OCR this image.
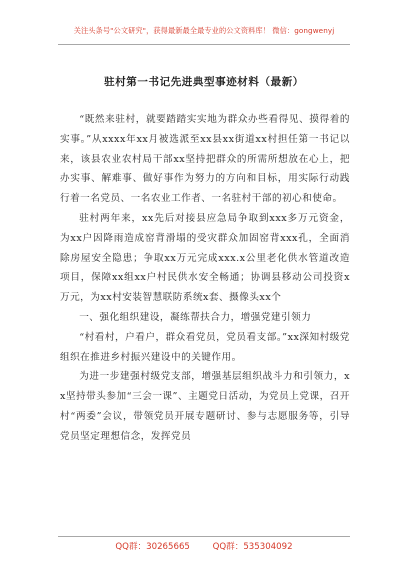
关注头条号"公文研究"，获得最新最全最专业的公文资料库！ 微信：gongwenyj
驻村第一书记先进典型事迹材料（最新）

“既然来驻村，就要踏踏实实地为群众办些看得见、摸得着的实事。”从xxxx年xx月被选派至xx县xx街道xx村担任第一书记以来，该县农业农村局干部xx坚持把群众的所需所想放在心上，把办实事、解难事、做好事作为努力的方向和目标，用实际行动践行着一名党员、一名农业工作者、一名驻村干部的初心和使命。

驻村两年来，xx先后对接县应急局争取到xxx多万元资金，为xx户因降雨造成窑背滑塌的受灾群众加固窑背xxx孔，全面消除房屋安全隐患；争取xx万元完成xxx.x公里老化供水管道改造项目，保障xx组xx户村民供水安全畅通；协调县移动公司投资x万元，为xx村安装智慧联防系统x套、摄像头xx个

一、强化组织建设，凝练帮扶合力，增强党建引领力

“村看村，户看户，群众看党员，党员看支部。”xx深知村级党组织在推进乡村振兴建设中的关键作用。

为进一步建强村级党支部，增强基层组织战斗力和引领力，xx坚持带头参加“三会一课”、主题党日活动，为党员上党课，召开村“两委”会议，带领党员开展专题研讨、参与志愿服务等，引导党员坚定理想信念，发挥党员

QQ群：30265665	QQ群：535304092
